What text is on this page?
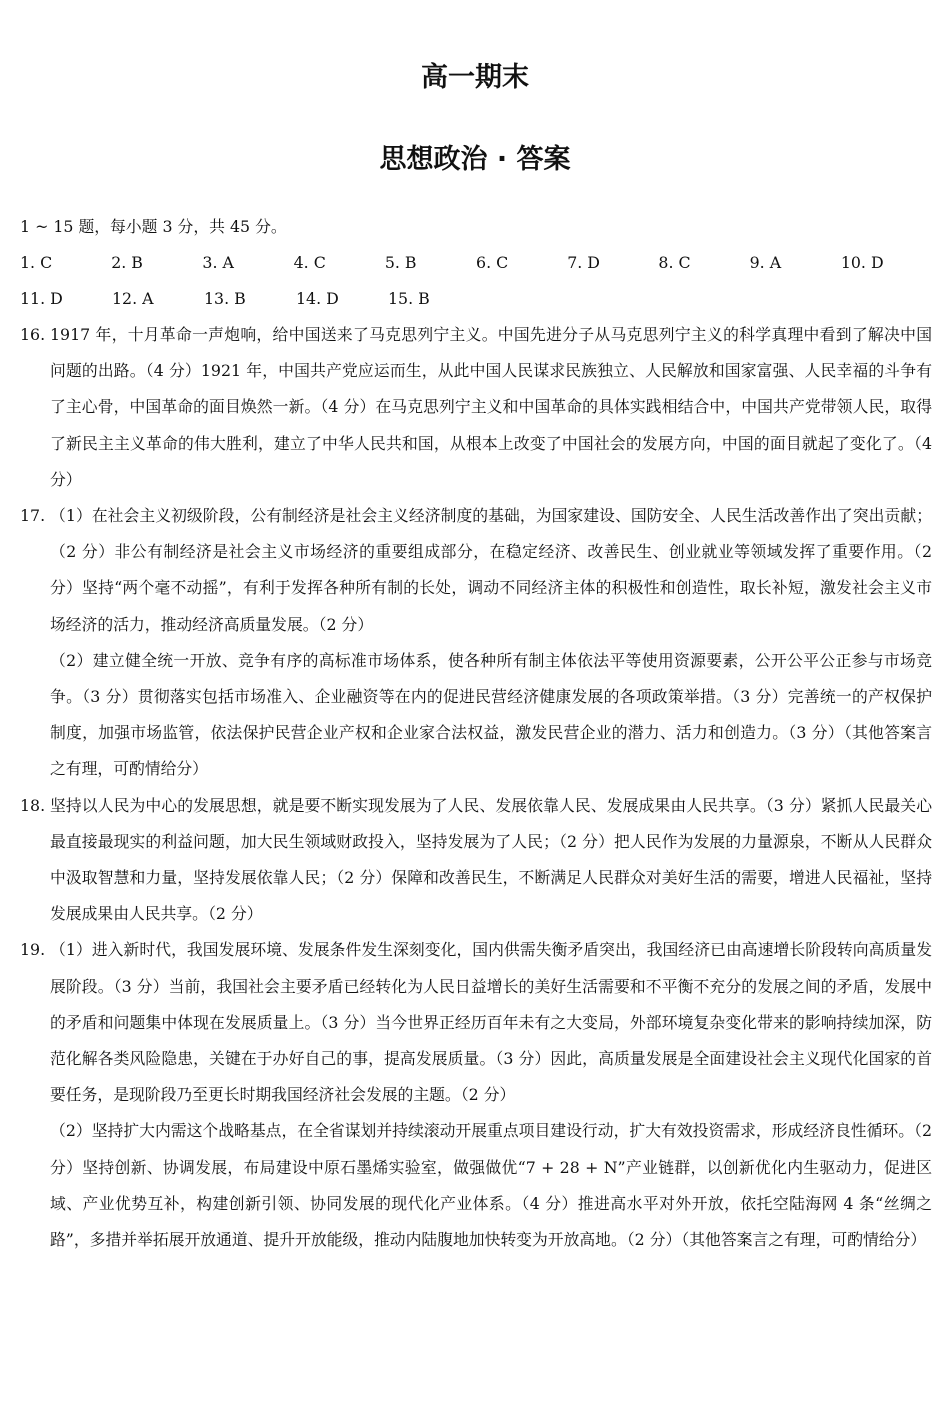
高一期末
思想政治 · 答案
1 ~ 15 题，每小题 3 分，共 45 分。
1. C	2. B	3. A	4. C	5. B	6. C	7. D	8. C	9. A	10. D
11. D	12. A	13. B	14. D	15. B
16. 1917 年，十月革命一声炮响，给中国送来了马克思列宁主义。中国先进分子从马克思列宁主义的科学真理中看到了解决中国问题的出路。（4 分）1921 年，中国共产党应运而生，从此中国人民谋求民族独立、人民解放和国家富强、人民幸福的斗争有了主心骨，中国革命的面目焕然一新。（4 分）在马克思列宁主义和中国革命的具体实践相结合中，中国共产党带领人民，取得了新民主主义革命的伟大胜利，建立了中华人民共和国，从根本上改变了中国社会的发展方向，中国的面目就起了变化了。（4 分）

17. （1）在社会主义初级阶段，公有制经济是社会主义经济制度的基础，为国家建设、国防安全、人民生活改善作出了突出贡献；（2 分）非公有制经济是社会主义市场经济的重要组成部分，在稳定经济、改善民生、创业就业等领域发挥了重要作用。（2 分）坚持“两个毫不动摇”，有利于发挥各种所有制的长处，调动不同经济主体的积极性和创造性，取长补短，激发社会主义市场经济的活力，推动经济高质量发展。（2 分）

（2）建立健全统一开放、竞争有序的高标准市场体系，使各种所有制主体依法平等使用资源要素，公开公平公正参与市场竞争。（3 分）贯彻落实包括市场准入、企业融资等在内的促进民营经济健康发展的各项政策举措。（3 分）完善统一的产权保护制度，加强市场监管，依法保护民营企业产权和企业家合法权益，激发民营企业的潜力、活力和创造力。（3 分）（其他答案言之有理，可酌情给分）

18. 坚持以人民为中心的发展思想，就是要不断实现发展为了人民、发展依靠人民、发展成果由人民共享。（3 分）紧抓人民最关心最直接最现实的利益问题，加大民生领域财政投入，坚持发展为了人民；（2 分）把人民作为发展的力量源泉，不断从人民群众中汲取智慧和力量，坚持发展依靠人民；（2 分）保障和改善民生，不断满足人民群众对美好生活的需要，增进人民福祉，坚持发展成果由人民共享。（2 分）

19. （1）进入新时代，我国发展环境、发展条件发生深刻变化，国内供需失衡矛盾突出，我国经济已由高速增长阶段转向高质量发展阶段。（3 分）当前，我国社会主要矛盾已经转化为人民日益增长的美好生活需要和不平衡不充分的发展之间的矛盾，发展中的矛盾和问题集中体现在发展质量上。（3 分）当今世界正经历百年未有之大变局，外部环境复杂变化带来的影响持续加深，防范化解各类风险隐患，关键在于办好自己的事，提高发展质量。（3 分）因此，高质量发展是全面建设社会主义现代化国家的首要任务，是现阶段乃至更长时期我国经济社会发展的主题。（2 分）

（2）坚持扩大内需这个战略基点，在全省谋划并持续滚动开展重点项目建设行动，扩大有效投资需求，形成经济良性循环。（2 分）坚持创新、协调发展，布局建设中原石墨烯实验室，做强做优“7 + 28 + N”产业链群，以创新优化内生驱动力，促进区域、产业优势互补，构建创新引领、协同发展的现代化产业体系。（4 分）推进高水平对外开放，依托空陆海网 4 条“丝绸之路”，多措并举拓展开放通道、提升开放能级，推动内陆腹地加快转变为开放高地。（2 分）（其他答案言之有理，可酌情给分）
